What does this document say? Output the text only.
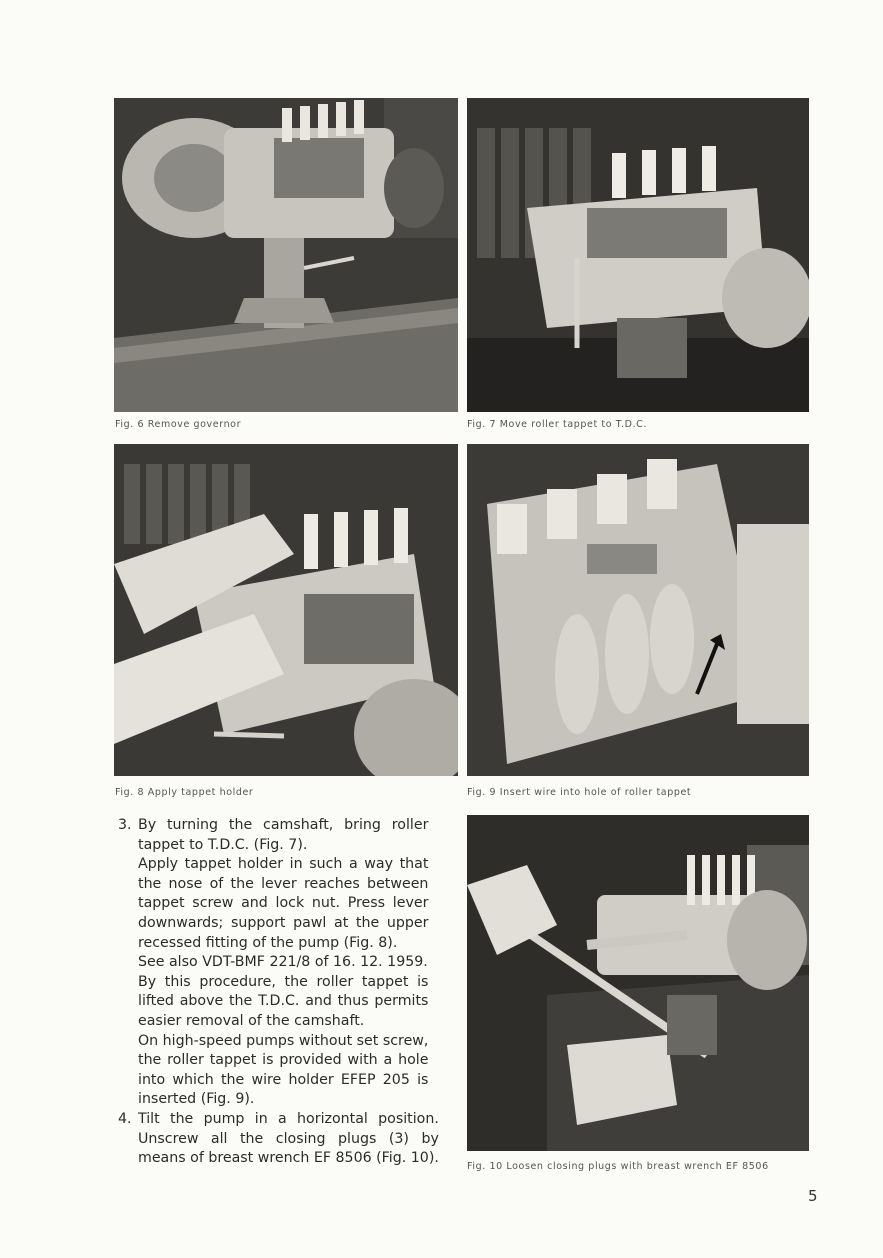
Fig. 6 Remove governor	Fig. 7 Move roller tappet to T.D.C.
Fig. 8 Apply tappet holder	Fig. 9 Insert wire into hole of roller tappet
Fig. 10 Loosen closing plugs with breast wrench EF 8506
3. By turning the camshaft, bring roller
tappet to T.D.C. (Fig. 7).
Apply tappet holder in such a way that
the nose of the lever reaches between
tappet screw and lock nut. Press lever
downwards; support pawl at the upper
recessed fitting of the pump (Fig. 8).
See also VDT-BMF 221/8 of 16. 12. 1959.
By this procedure, the roller tappet is
lifted above the T.D.C. and thus permits
easier removal of the camshaft.
On high-speed pumps without set screw,
the roller tappet is provided with a hole
into which the wire holder EFEP 205 is
inserted (Fig. 9).
4. Tilt the pump in a horizontal position.
Unscrew all the closing plugs (3) by
means of breast wrench EF 8506 (Fig. 10).
5
